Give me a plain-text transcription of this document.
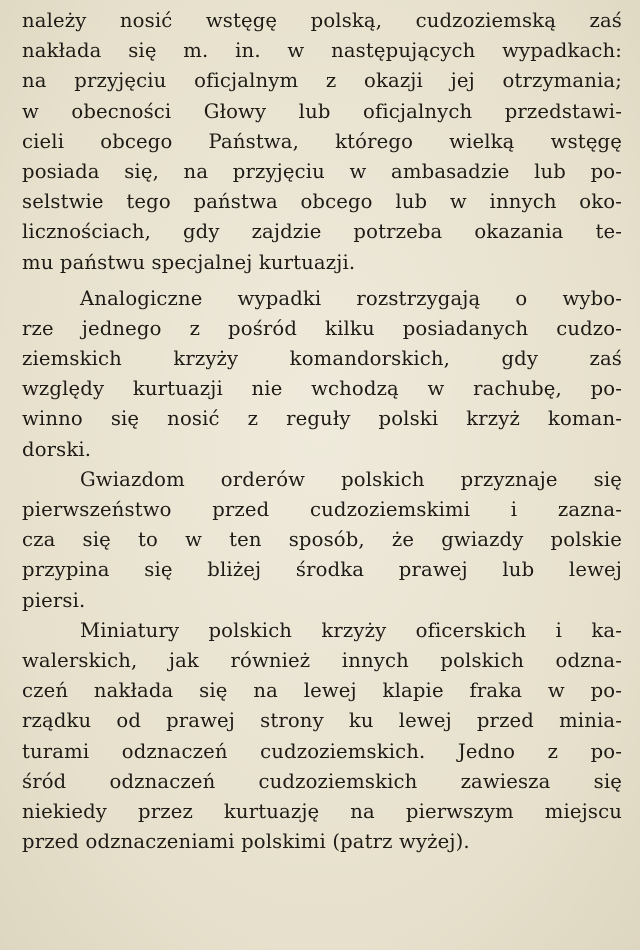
należy nosić wstęgę polską, cudzoziemską zaś
nakłada się m. in. w następujących wypadkach:
na przyjęciu oficjalnym z okazji jej otrzymania;
w obecności Głowy lub oficjalnych przedstawi-
cieli obcego Państwa, którego wielką wstęgę
posiada się, na przyjęciu w ambasadzie lub po-
selstwie tego państwa obcego lub w innych oko-
licznościach, gdy zajdzie potrzeba okazania te-
mu państwu specjalnej kurtuazji.
Analogiczne wypadki rozstrzygają o wybo-
rze jednego z pośród kilku posiadanych cudzo-
ziemskich krzyży komandorskich, gdy zaś
względy kurtuazji nie wchodzą w rachubę, po-
winno się nosić z reguły polski krzyż koman-
dorski.
Gwiazdom orderów polskich przyznaje się
pierwszeństwo przed cudzoziemskimi i zazna-
cza się to w ten sposób, że gwiazdy polskie
przypina się bliżej środka prawej lub lewej
piersi.
Miniatury polskich krzyży oficerskich i ka-
walerskich, jak również innych polskich odzna-
czeń nakłada się na lewej klapie fraka w po-
rządku od prawej strony ku lewej przed minia-
turami odznaczeń cudzoziemskich. Jedno z po-
śród odznaczeń cudzoziemskich zawiesza się
niekiedy przez kurtuazję na pierwszym miejscu
przed odznaczeniami polskimi (patrz wyżej).
